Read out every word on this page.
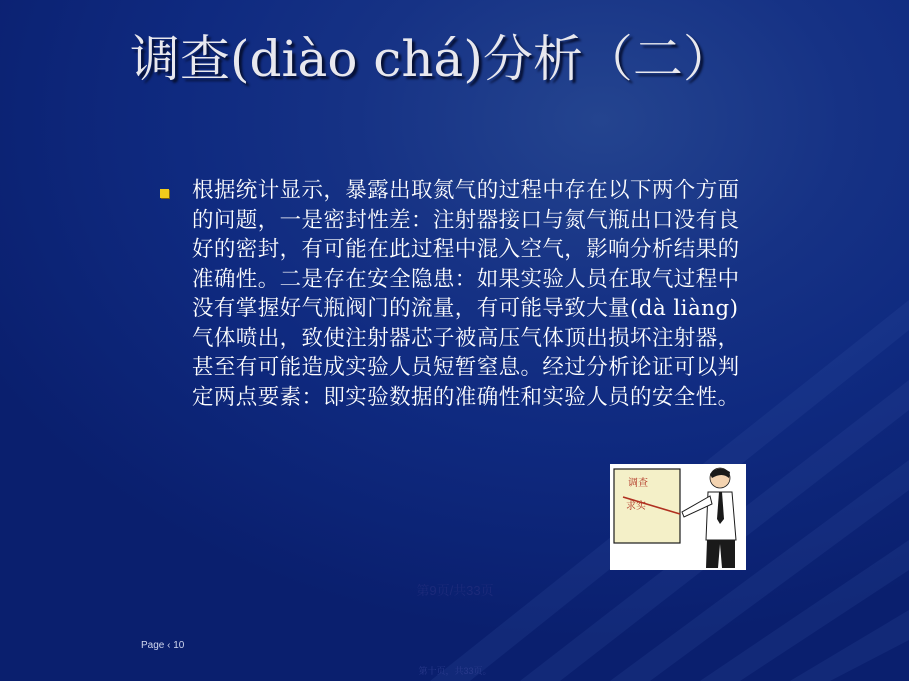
调查(diào chá)分析（二）
根据统计显示，暴露出取氮气的过程中存在以下两个方面的问题，一是密封性差：注射器接口与氮气瓶出口没有良好的密封，有可能在此过程中混入空气，影响分析结果的准确性。二是存在安全隐患：如果实验人员在取气过程中没有掌握好气瓶阀门的流量，有可能导致大量(dà liàng)气体喷出，致使注射器芯子被高压气体顶出损坏注射器，甚至有可能造成实验人员短暂窒息。经过分析论证可以判定两点要素：即实验数据的准确性和实验人员的安全性。
调查
求实
第9页/共33页
Page ‹ 10
第十页，共33页。
